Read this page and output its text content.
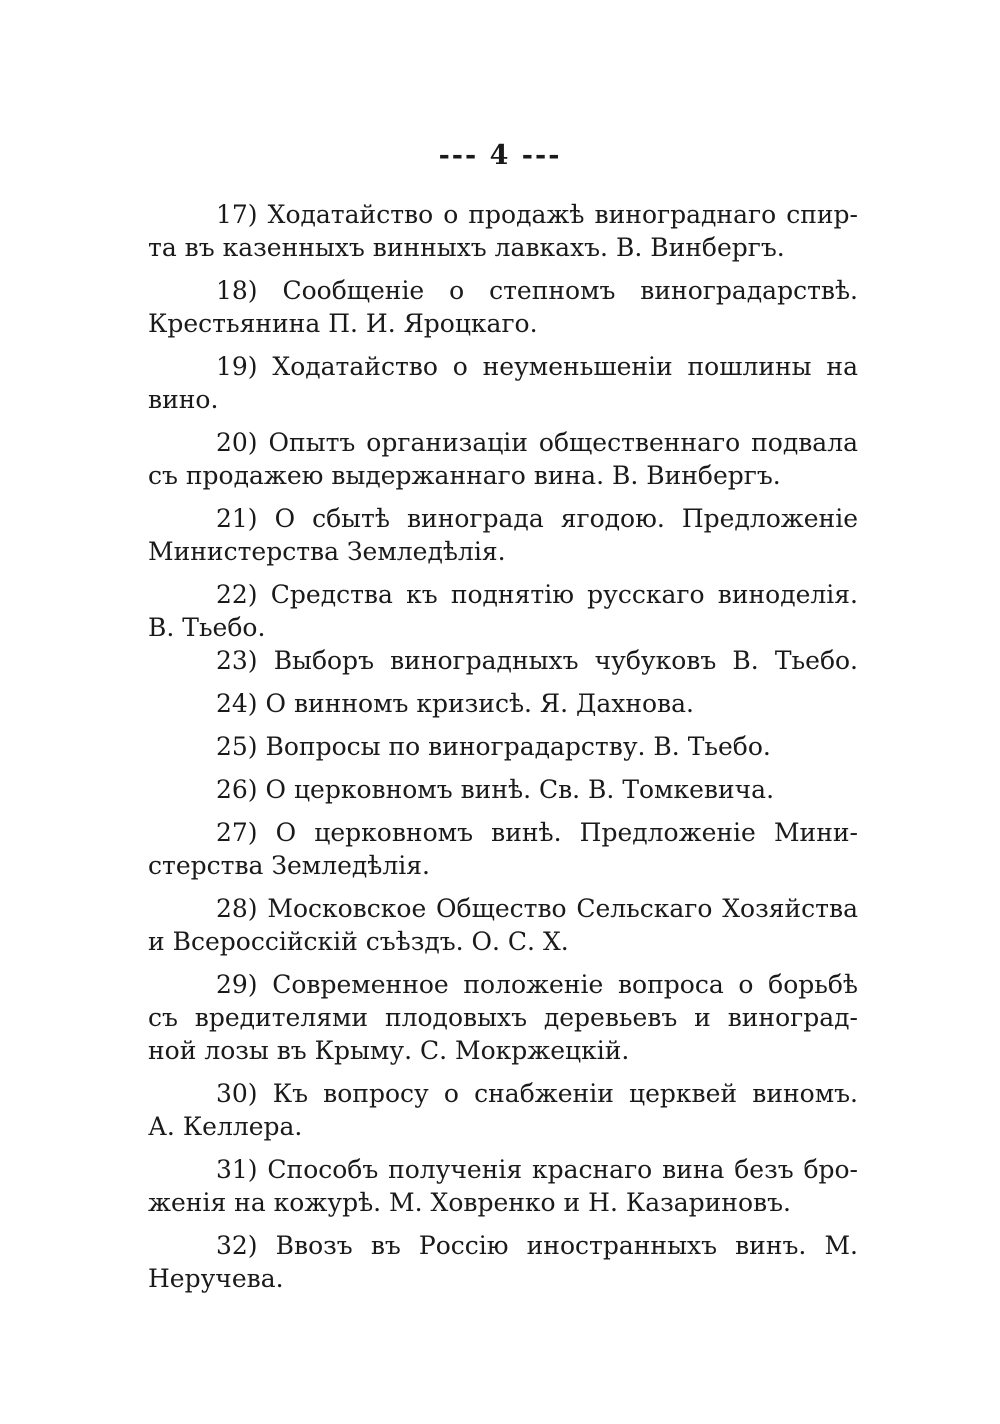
--- 4 ---

17) Ходатайство о продажѣ винограднаго спир-
та въ казенныхъ винныхъ лавкахъ. В. Винбергъ.

18) Сообщеніе о степномъ виноградарствѣ.
Крестьянина П. И. Яроцкаго.

19) Ходатайство о неуменьшеніи пошлины на
вино.

20) Опытъ организаціи общественнаго подвала
съ продажею выдержаннаго вина. В. Винбергъ.

21) О сбытѣ винограда ягодою. Предложеніе
Министерства Земледѣлія.

22) Средства къ поднятію русскаго виноделія.
В. Тьебо.

23) Выборъ виноградныхъ чубуковъ В. Тьебо.

24) О винномъ кризисѣ. Я. Дахнова.

25) Вопросы по виноградарству. В. Тьебо.

26) О церковномъ винѣ. Св. В. Томкевича.

27) О церковномъ винѣ. Предложеніе Мини-
стерства Земледѣлія.

28) Московское Общество Сельскаго Хозяйства
и Всероссійскій съѣздъ. О. С. Х.

29) Современное положеніе вопроса о борьбѣ
съ вредителями плодовыхъ деревьевъ и виноград-
ной лозы въ Крыму. С. Мокржецкій.

30) Къ вопросу о снабженіи церквей виномъ.
А. Келлера.

31) Способъ полученія краснаго вина безъ бро-
женія на кожурѣ. М. Ховренко и Н. Казариновъ.

32) Ввозъ въ Россію иностранныхъ винъ. М.
Неручева.
